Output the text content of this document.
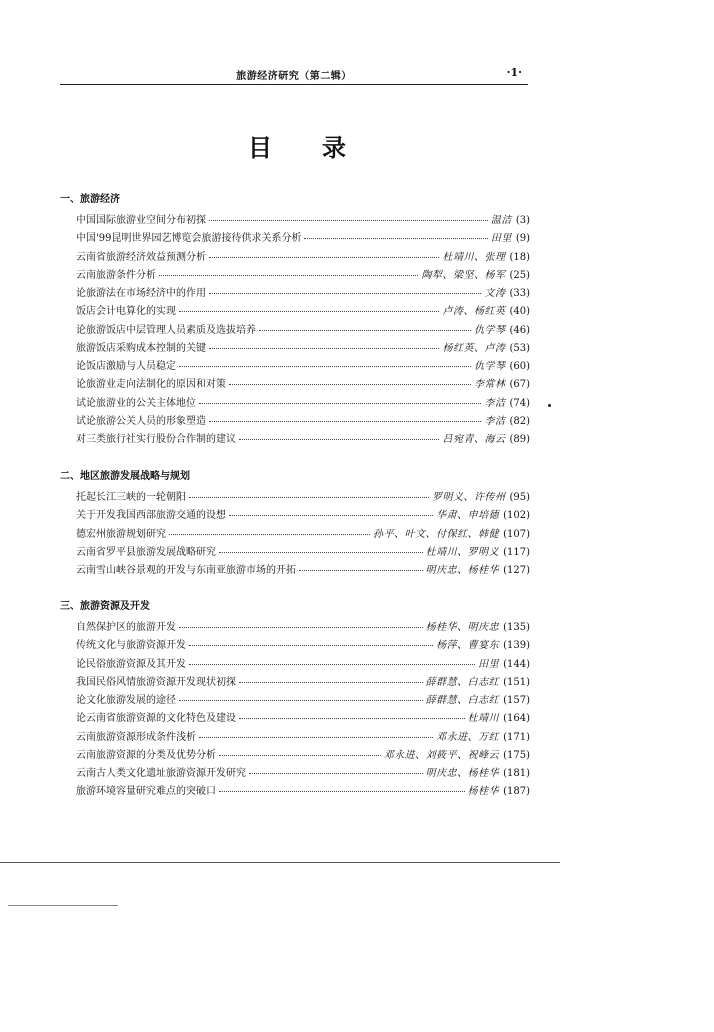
旅游经济研究（第二辑）	·1·
目 录
一、旅游经济
中国国际旅游业空间分布初探	温洁 (3)
中国'99昆明世界园艺博览会旅游接待供求关系分析	田里 (9)
云南省旅游经济效益预测分析	杜靖川、张理 (18)
云南旅游条件分析	陶犁、梁坚、杨军 (25)
论旅游法在市场经济中的作用	文涛 (33)
饭店会计电算化的实现	卢涛、杨红英 (40)
论旅游饭店中层管理人员素质及选拔培养	仇学琴 (46)
旅游饭店采购成本控制的关键	杨红英、卢涛 (53)
论饭店激励与人员稳定	仇学琴 (60)
论旅游业走向法制化的原因和对策	李常林 (67)
试论旅游业的公关主体地位	李洁 (74)
试论旅游公关人员的形象塑造	李洁 (82)
对三类旅行社实行股份合作制的建议	吕宛青、海云 (89)
二、地区旅游发展战略与规划
托起长江三峡的一轮朝阳	罗明义、许传州 (95)
关于开发我国西部旅游交通的设想	华肃、申培德 (102)
德宏州旅游规划研究	孙平、叶文、付保红、韩健 (107)
云南省罗平县旅游发展战略研究	杜靖川、罗明义 (117)
云南雪山峡谷景观的开发与东南亚旅游市场的开拓	明庆忠、杨桂华 (127)
三、旅游资源及开发
自然保护区的旅游开发	杨桂华、明庆忠 (135)
传统文化与旅游资源开发	杨萍、曹宴东 (139)
论民俗旅游资源及其开发	田里 (144)
我国民俗风情旅游资源开发现状初探	薛群慧、白志红 (151)
论文化旅游发展的途径	薛群慧、白志红 (157)
论云南省旅游资源的文化特色及建设	杜靖川 (164)
云南旅游资源形成条件浅析	邓永进、万红 (171)
云南旅游资源的分类及优势分析	邓永进、刘筱平、祝峰云 (175)
云南古人类文化遗址旅游资源开发研究	明庆忠、杨桂华 (181)
旅游环境容量研究难点的突破口	杨桂华 (187)
